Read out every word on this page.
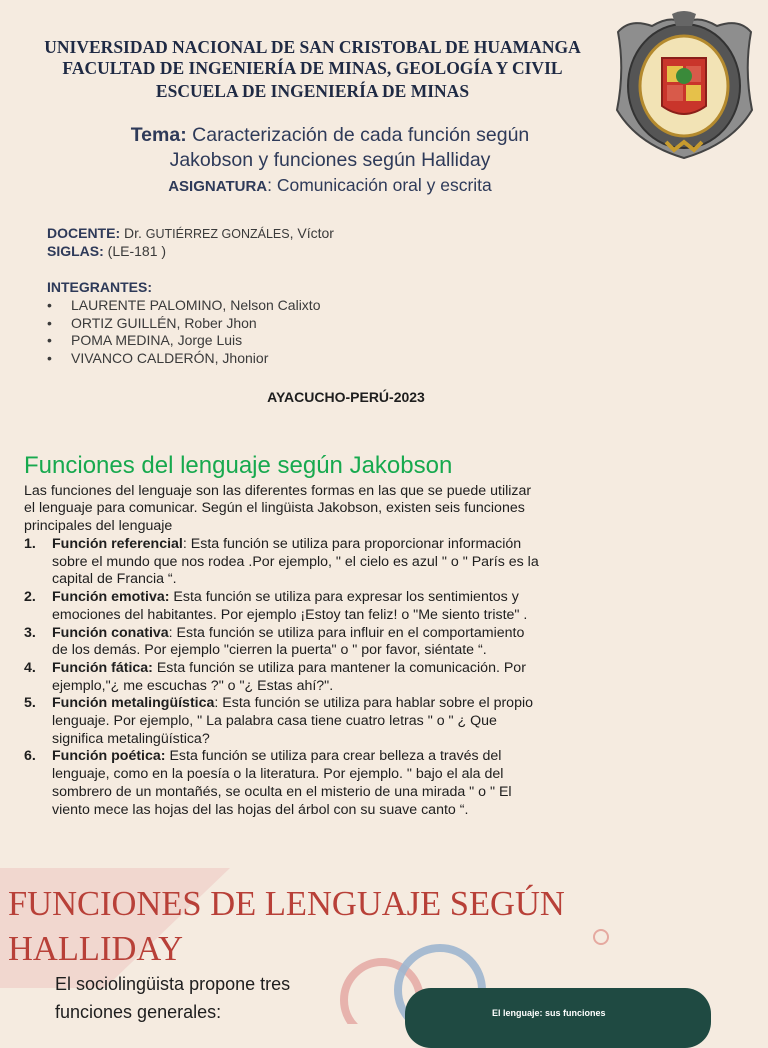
UNIVERSIDAD NACIONAL DE SAN CRISTOBAL DE HUAMANGA
FACULTAD DE INGENIERÍA DE MINAS, GEOLOGÍA Y CIVIL
ESCUELA DE INGENIERÍA DE MINAS
Tema: Caracterización de cada función según
Jakobson y funciones según Halliday
ASIGNATURA: Comunicación oral y escrita
DOCENTE: Dr. GUTIÉRREZ GONZÁLES, Víctor
SIGLAS: (LE-181 )
INTEGRANTES:
• LAURENTE PALOMINO, Nelson Calixto
• ORTIZ GUILLÉN, Rober Jhon
• POMA MEDINA, Jorge Luis
• VIVANCO CALDERÓN, Jhonior
AYACUCHO-PERÚ-2023
Funciones del lenguaje según Jakobson
Las funciones del lenguaje son las diferentes formas en las que se puede utilizar el lenguaje para comunicar. Según el lingüista Jakobson, existen seis funciones principales del lenguaje
1. Función referencial: Esta función se utiliza para proporcionar información sobre el mundo que nos rodea .Por ejemplo, " el cielo es azul " o " París es la capital de Francia “.
2. Función emotiva: Esta función se utiliza para expresar los sentimientos y emociones del habitantes. Por ejemplo ¡Estoy tan feliz! o "Me siento triste" .
3. Función conativa: Esta función se utiliza para influir en el comportamiento de los demás. Por ejemplo "cierren la puerta" o " por favor, siéntate “.
4. Función fática: Esta función se utiliza para mantener la comunicación. Por ejemplo,"¿ me escuchas ?" o "¿ Estas ahí?".
5. Función metalingüística: Esta función se utiliza para hablar sobre el propio lenguaje. Por ejemplo, " La palabra casa tiene cuatro letras " o " ¿ Que significa metalingüística?
6. Función poética: Esta función se utiliza para crear belleza a través del lenguaje, como en la poesía o la literatura. Por ejemplo. " bajo el ala del sombrero de un montañés, se oculta en el misterio de una mirada " o " El viento mece las hojas del las hojas del árbol con su suave canto “.
FUNCIONES DE LENGUAJE SEGÚN HALLIDAY
El sociolingüista propone tres funciones generales:	El lenguaje: sus funciones
